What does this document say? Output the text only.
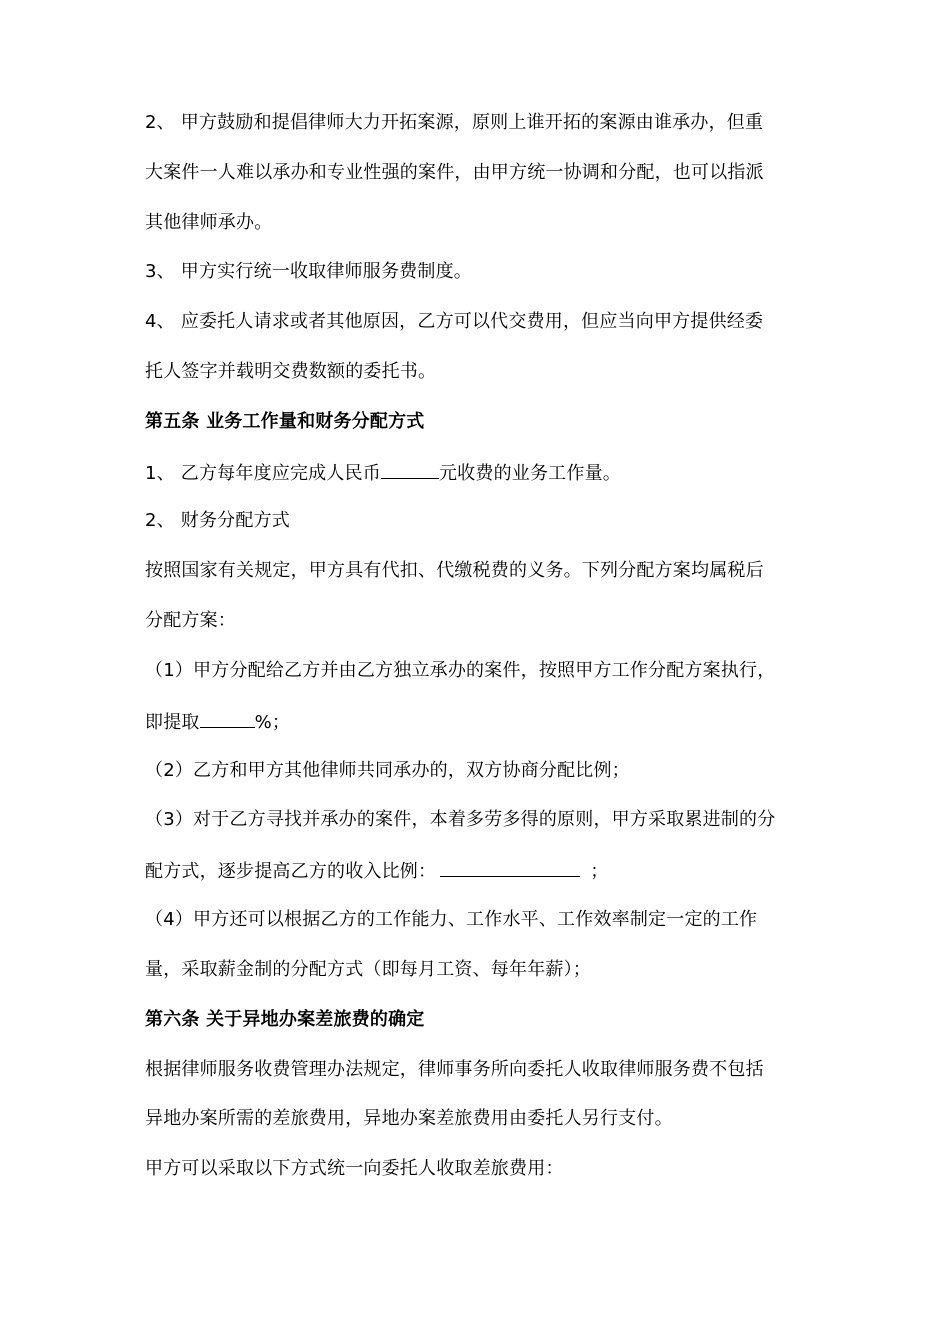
2、 甲方鼓励和提倡律师大力开拓案源，原则上谁开拓的案源由谁承办，但重
大案件一人难以承办和专业性强的案件，由甲方统一协调和分配，也可以指派
其他律师承办。
3、 甲方实行统一收取律师服务费制度。
4、 应委托人请求或者其他原因，乙方可以代交费用，但应当向甲方提供经委
托人签字并载明交费数额的委托书。
第五条 业务工作量和财务分配方式
1、 乙方每年度应完成人民币	元收费的业务工作量。
2、 财务分配方式
按照国家有关规定，甲方具有代扣、代缴税费的义务。下列分配方案均属税后
分配方案：
（1）甲方分配给乙方并由乙方独立承办的案件，按照甲方工作分配方案执行，
即提取	%；
（2）乙方和甲方其他律师共同承办的，双方协商分配比例；
（3）对于乙方寻找并承办的案件，本着多劳多得的原则，甲方采取累进制的分
配方式，逐步提高乙方的收入比例：	；
（4）甲方还可以根据乙方的工作能力、工作水平、工作效率制定一定的工作
量，采取薪金制的分配方式（即每月工资、每年年薪）；
第六条 关于异地办案差旅费的确定
根据律师服务收费管理办法规定，律师事务所向委托人收取律师服务费不包括
异地办案所需的差旅费用，异地办案差旅费用由委托人另行支付。
甲方可以采取以下方式统一向委托人收取差旅费用：
